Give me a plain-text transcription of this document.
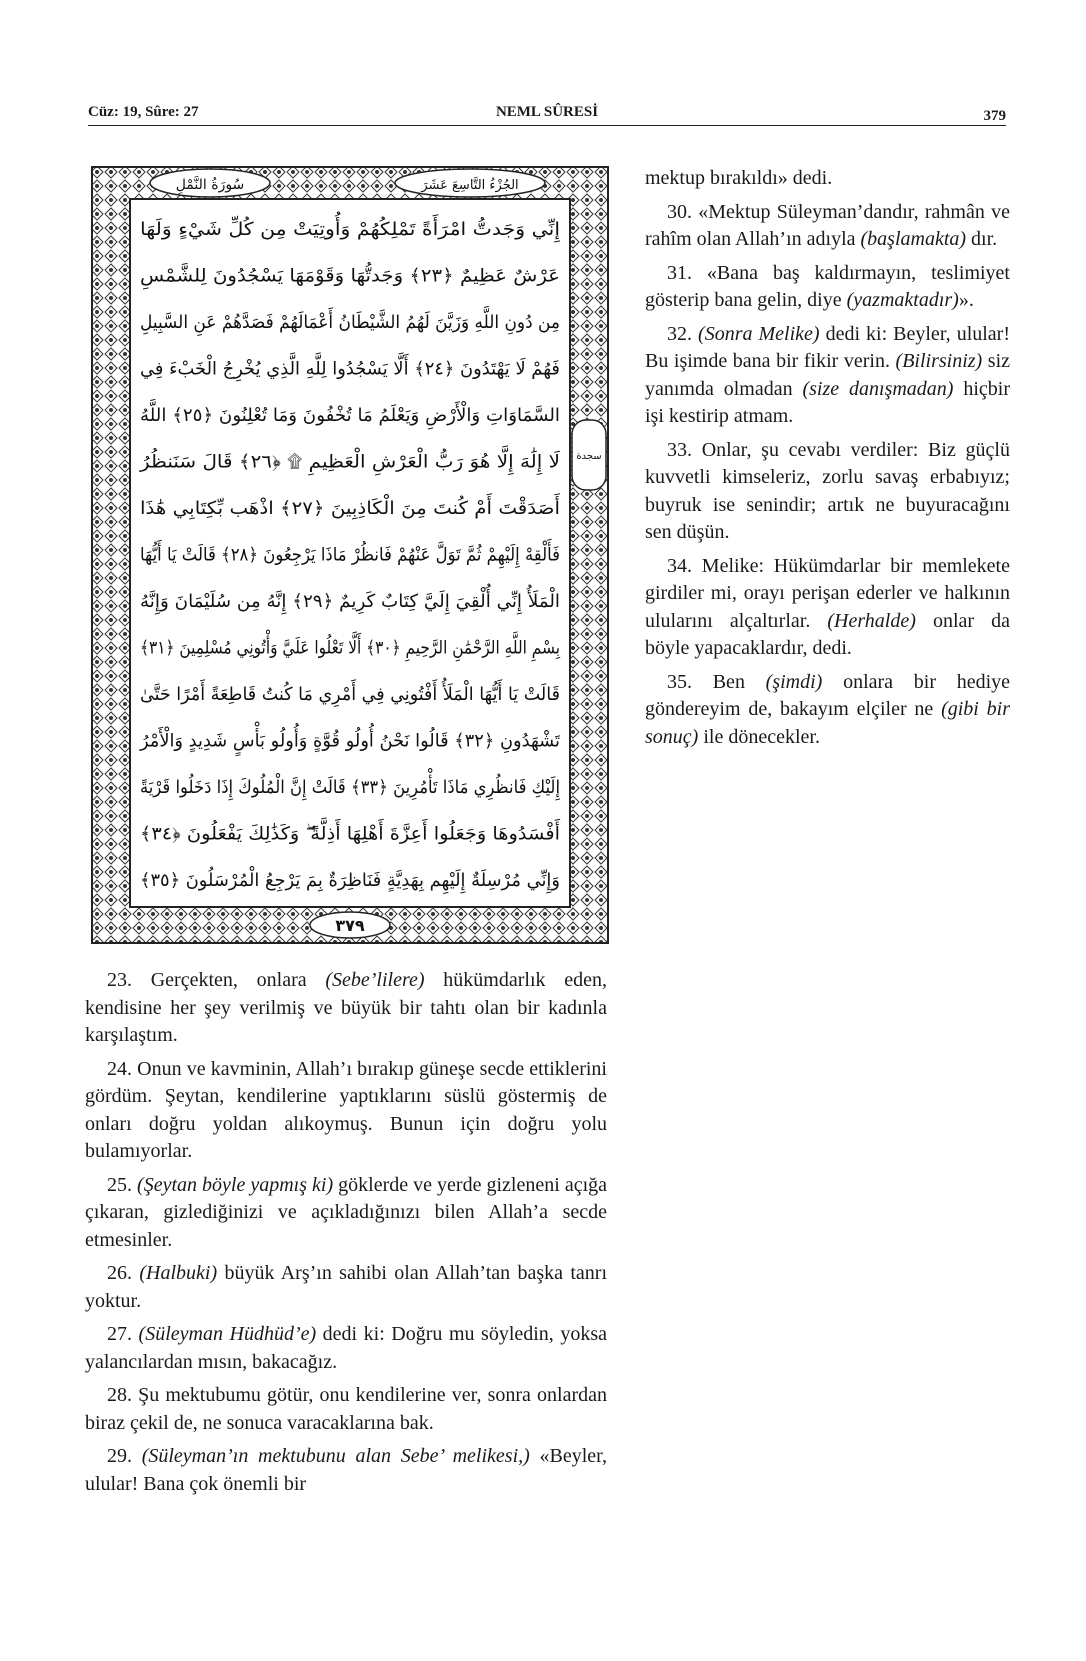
Cüz: 19, Sûre: 27	NEML SÛRESİ	379
سُورَةُ النَّمْلِ	الجُزْءُ التَّاسِعَ عَشَرَ
سجدة
٣٧٩
إِنِّي وَجَدتُّ امْرَأَةً تَمْلِكُهُمْ وَأُوتِيَتْ مِن كُلِّ شَيْءٍ وَلَهَا
عَرْشٌ عَظِيمٌ ﴿٢٣﴾ وَجَدتُّهَا وَقَوْمَهَا يَسْجُدُونَ لِلشَّمْسِ
مِن دُونِ اللَّهِ وَزَيَّنَ لَهُمُ الشَّيْطَانُ أَعْمَالَهُمْ فَصَدَّهُمْ عَنِ السَّبِيلِ
فَهُمْ لَا يَهْتَدُونَ ﴿٢٤﴾ أَلَّا يَسْجُدُوا لِلَّهِ الَّذِي يُخْرِجُ الْخَبْءَ فِي
السَّمَاوَاتِ وَالْأَرْضِ وَيَعْلَمُ مَا تُخْفُونَ وَمَا تُعْلِنُونَ ﴿٢٥﴾ اللَّهُ
لَا إِلَٰهَ إِلَّا هُوَ رَبُّ الْعَرْشِ الْعَظِيمِ ۩ ﴿٢٦﴾ قَالَ سَنَنظُرُ
أَصَدَقْتَ أَمْ كُنتَ مِنَ الْكَاذِبِينَ ﴿٢٧﴾ اذْهَب بِّكِتَابِي هَٰذَا
فَأَلْقِهْ إِلَيْهِمْ ثُمَّ تَوَلَّ عَنْهُمْ فَانظُرْ مَاذَا يَرْجِعُونَ ﴿٢٨﴾ قَالَتْ يَا أَيُّهَا
الْمَلَأُ إِنِّي أُلْقِيَ إِلَيَّ كِتَابٌ كَرِيمٌ ﴿٢٩﴾ إِنَّهُ مِن سُلَيْمَانَ وَإِنَّهُ
بِسْمِ اللَّهِ الرَّحْمَٰنِ الرَّحِيمِ ﴿٣٠﴾ أَلَّا تَعْلُوا عَلَيَّ وَأْتُونِي مُسْلِمِينَ ﴿٣١﴾
قَالَتْ يَا أَيُّهَا الْمَلَأُ أَفْتُونِي فِي أَمْرِي مَا كُنتُ قَاطِعَةً أَمْرًا حَتَّىٰ
تَشْهَدُونِ ﴿٣٢﴾ قَالُوا نَحْنُ أُولُو قُوَّةٍ وَأُولُو بَأْسٍ شَدِيدٍ وَالْأَمْرُ
إِلَيْكِ فَانظُرِي مَاذَا تَأْمُرِينَ ﴿٣٣﴾ قَالَتْ إِنَّ الْمُلُوكَ إِذَا دَخَلُوا قَرْيَةً
أَفْسَدُوهَا وَجَعَلُوا أَعِزَّةَ أَهْلِهَا أَذِلَّةً ۖ وَكَذَٰلِكَ يَفْعَلُونَ ﴿٣٤﴾
وَإِنِّي مُرْسِلَةٌ إِلَيْهِم بِهَدِيَّةٍ فَنَاظِرَةٌ بِمَ يَرْجِعُ الْمُرْسَلُونَ ﴿٣٥﴾

mektup bırakıldı» dedi.

30. «Mektup Süleyman’dandır, rahmân ve rahîm olan Allah’ın adıyla (başlamakta) dır.

31. «Bana baş kaldırmayın, teslimiyet gösterip bana gelin, diye (yazmaktadır)».

32. (Sonra Melike) dedi ki: Beyler, ulular! Bu işimde bana bir fikir verin. (Bilirsiniz) siz yanımda olmadan (size danışmadan) hiçbir işi kestirip atmam.

33. Onlar, şu cevabı verdiler: Biz güçlü kuvvetli kimseleriz, zorlu savaş erbabıyız; buyruk ise senindir; artık ne buyuracağını sen düşün.

34. Melike: Hükümdarlar bir memlekete girdiler mi, orayı perişan ederler ve halkının ulularını alçaltırlar. (Herhalde) onlar da böyle yapacaklardır, dedi.

35. Ben (şimdi) onlara bir hediye göndereyim de, bakayım elçiler ne (gibi bir sonuç) ile dönecekler.

23. Gerçekten, onlara (Sebe’lilere) hükümdarlık eden, kendisine her şey verilmiş ve büyük bir tahtı olan bir kadınla karşılaştım.

24. Onun ve kavminin, Allah’ı bırakıp güneşe secde ettiklerini gördüm. Şeytan, kendilerine yaptıklarını süslü göstermiş de onları doğru yoldan alıkoymuş. Bunun için doğru yolu bulamıyorlar.

25. (Şeytan böyle yapmış ki) göklerde ve yerde gizleneni açığa çıkaran, gizlediğinizi ve açıkladığınızı bilen Allah’a secde etmesinler.

26. (Halbuki) büyük Arş’ın sahibi olan Allah’tan başka tanrı yoktur.

27. (Süleyman Hüdhüd’e) dedi ki: Doğru mu söyledin, yoksa yalancılardan mısın, bakacağız.

28. Şu mektubumu götür, onu kendilerine ver, sonra onlardan biraz çekil de, ne sonuca varacaklarına bak.

29. (Süleyman’ın mektubunu alan Sebe’ melikesi,) «Beyler, ulular! Bana çok önemli bir
